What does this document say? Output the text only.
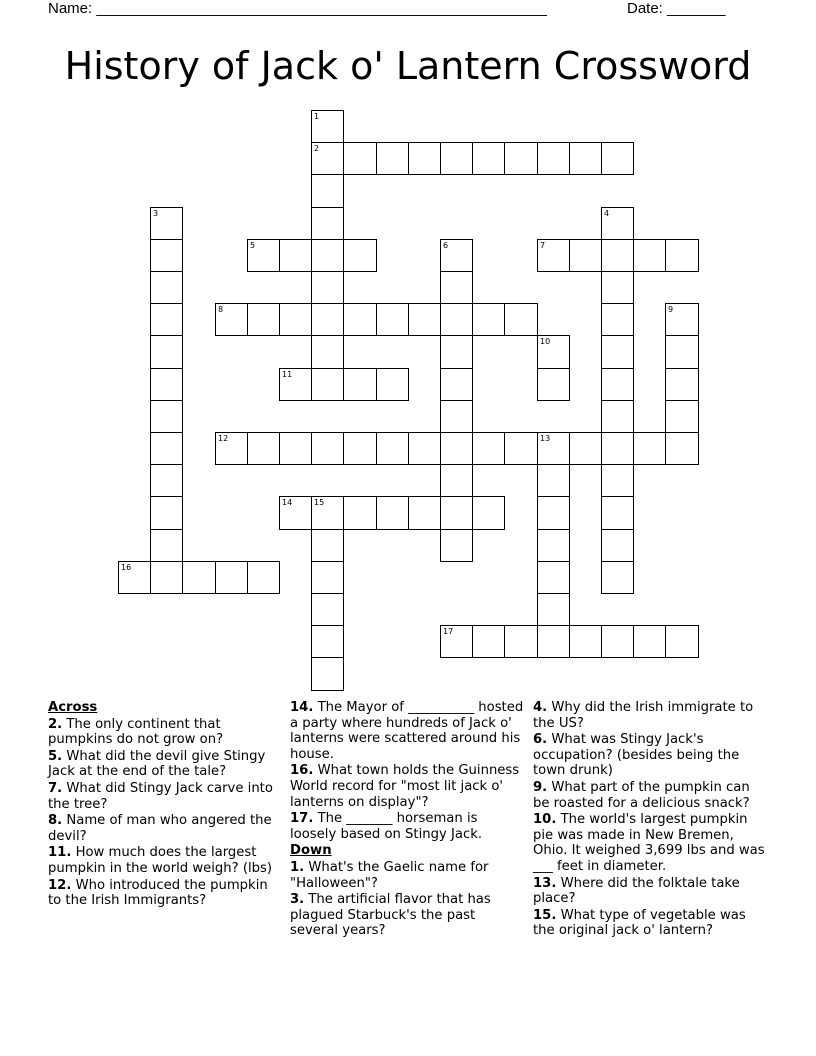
Name: ______________________________________________________	Date: _______
History of Jack o' Lantern Crossword
2
5	7
8
11
12	13
14	15
16
17
1
3	4
6
9
10
Across
2. The only continent that pumpkins do not grow on?
5. What did the devil give Stingy Jack at the end of the tale?
7. What did Stingy Jack carve into the tree?
8. Name of man who angered the devil?
11. How much does the largest pumpkin in the world weigh? (lbs)
12. Who introduced the pumpkin to the Irish Immigrants?
14. The Mayor of __________ hosted a party where hundreds of Jack o' lanterns were scattered around his house.
16. What town holds the Guinness World record for "most lit jack o' lanterns on display"?
17. The _______ horseman is loosely based on Stingy Jack.
Down
1. What's the Gaelic name for "Halloween"?
3. The artificial flavor that has plagued Starbuck's the past several years?
4. Why did the Irish immigrate to the US?
6. What was Stingy Jack's occupation? (besides being the town drunk)
9. What part of the pumpkin can be roasted for a delicious snack?
10. The world's largest pumpkin pie was made in New Bremen, Ohio. It weighed 3,699 lbs and was ___ feet in diameter.
13. Where did the folktale take place?
15. What type of vegetable was the original jack o' lantern?
